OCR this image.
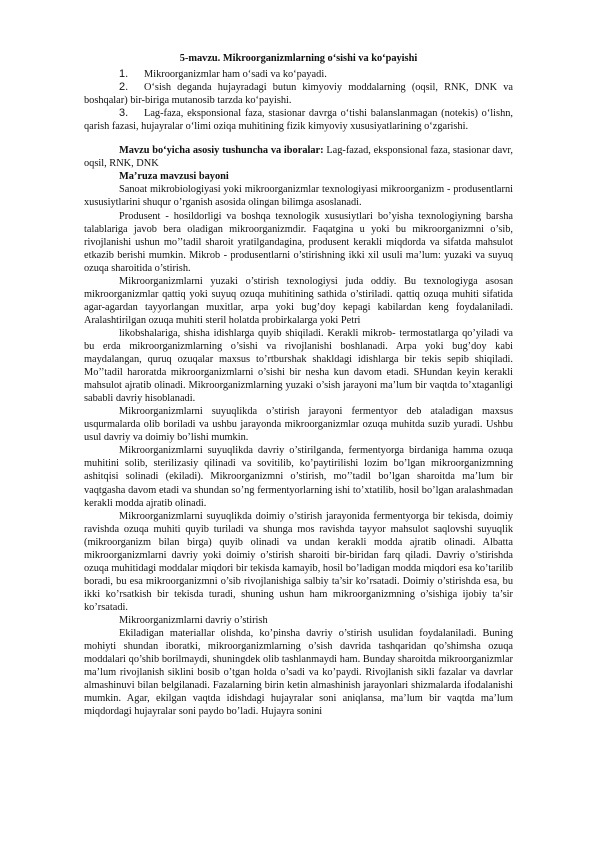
5-mavzu. Mikroorganizmlarning o‘sishi va ko‘payishi
1. Mikroorganizmlar ham o‘sadi va ko‘payadi.
2. O‘sish deganda hujayradagi butun kimyoviy moddalarning (oqsil, RNK, DNK va boshqalar) bir-biriga mutanosib tarzda ko‘payishi.
3. Lag-faza, eksponsional faza, stasionar davrga o‘tishi balanslanmagan (notekis) o‘lishn, qarish fazasi, hujayralar o‘limi oziqa muhitining fizik kimyoviy xususiyatlarining o‘zgarishi.

Mavzu bo‘yicha asosiy tushuncha va iboralar: Lag-fazad, eksponsional faza, stasionar davr, oqsil, RNK, DNK

Ma’ruza mavzusi bayoni

Sanoat mikrobiologiyasi yoki mikroorganizmlar texnologiyasi mikroorganizm - produsentlarni xususiytlarini shuqur o’rganish asosida olingan bilimga asoslanadi.

Produsent - hosildorligi va boshqa texnologik xususiytlari bo’yisha texnologiyning barsha talablariga javob bera oladigan mikroorganizmdir. Faqatgina u yoki bu mikroorganizmni o’sib, rivojlanishi ushun mo’’tadil sharoit yratilgandagina, produsent kerakli miqdorda va sifatda mahsulot etkazib berishi mumkin. Mikrob - produsentlarni o’stirishning ikki xil usuli ma’lum: yuzaki va suyuq ozuqa sharoitida o’stirish.

Mikroorganizmlarni yuzaki o’stirish texnologiysi juda oddiy. Bu texnologiyga asosan mikroorganizmlar qattiq yoki suyuq ozuqa muhitining sathida o’stiriladi. qattiq ozuqa muhiti sifatida agar-agardan tayyorlangan muxitlar, arpa yoki bug’doy kepagi kabilardan keng foydalaniladi. Aralashtirilgan ozuqa muhiti steril holatda probirkalarga yoki Petri

likobshalariga, shisha idishlarga quyib shiqiladi. Kerakli mikrob- termostatlarga qo’yiladi va bu erda mikroorganizmlarning o’sishi va rivojlanishi boshlanadi. Arpa yoki bug’doy kabi maydalangan, quruq ozuqalar maxsus to’rtburshak shakldagi idishlarga bir tekis sepib shiqiladi. Mo’’tadil haroratda mikroorganizmlarni o’sishi bir nesha kun davom etadi. SHundan keyin kerakli mahsulot ajratib olinadi. Mikroorganizmlarning yuzaki o’sish jarayoni ma’lum bir vaqtda to’xtaganligi sababli davriy hisoblanadi.

Mikroorganizmlarni suyuqlikda o’stirish jarayoni fermentyor deb ataladigan maxsus usqurmalarda olib boriladi va ushbu jarayonda mikroorganizmlar ozuqa muhitda suzib yuradi. Ushbu usul davriy va doimiy bo’lishi mumkin.

Mikroorganizmlarni suyuqlikda davriy o’stirilganda, fermentyorga birdaniga hamma ozuqa muhitini solib, sterilizasiy qilinadi va sovitilib, ko’paytirilishi lozim bo’lgan mikroorganizmning ashitqisi solinadi (ekiladi). Mikroorganizmni o’stirish, mo’’tadil bo’lgan sharoitda ma’lum bir vaqtgasha davom etadi va shundan so’ng fermentyorlarning ishi to’xtatilib, hosil bo’lgan aralashmadan kerakli modda ajratib olinadi.

Mikroorganizmlarni suyuqlikda doimiy o’stirish jarayonida fermentyorga bir tekisda, doimiy ravishda ozuqa muhiti quyib turiladi va shunga mos ravishda tayyor mahsulot saqlovshi suyuqlik (mikroorganizm bilan birga) quyib olinadi va undan kerakli modda ajratib olinadi. Albatta mikroorganizmlarni davriy yoki doimiy o’stirish sharoiti bir-biridan farq qiladi. Davriy o’stirishda ozuqa muhitidagi moddalar miqdori bir tekisda kamayib, hosil bo’ladigan modda miqdori esa ko’tarilib boradi, bu esa mikroorganizmni o’sib rivojlanishiga salbiy ta’sir ko’rsatadi. Doimiy o’stirishda esa, bu ikki ko’rsatkish bir tekisda turadi, shuning ushun ham mikroorganizmning o’sishiga ijobiy ta’sir ko’rsatadi.

Mikroorganizmlarni davriy o’stirish

Ekiladigan materiallar olishda, ko’pinsha davriy o’stirish usulidan foydalaniladi. Buning mohiyti shundan iboratki, mikroorganizmlarning o’sish davrida tashqaridan qo’shimsha ozuqa moddalari qo’shib borilmaydi, shuningdek olib tashlanmaydi ham. Bunday sharoitda mikroorganizmlar ma’lum rivojlanish siklini bosib o’tgan holda o’sadi va ko’paydi. Rivojlanish sikli fazalar va davrlar almashinuvi bilan belgilanadi. Fazalarning birin ketin almashinish jarayonlari shizmalarda ifodalanishi mumkin. Agar, ekilgan vaqtda idishdagi hujayralar soni aniqlansa, ma’lum bir vaqtda ma’lum miqdordagi hujayralar soni paydo bo’ladi. Hujayra sonini
